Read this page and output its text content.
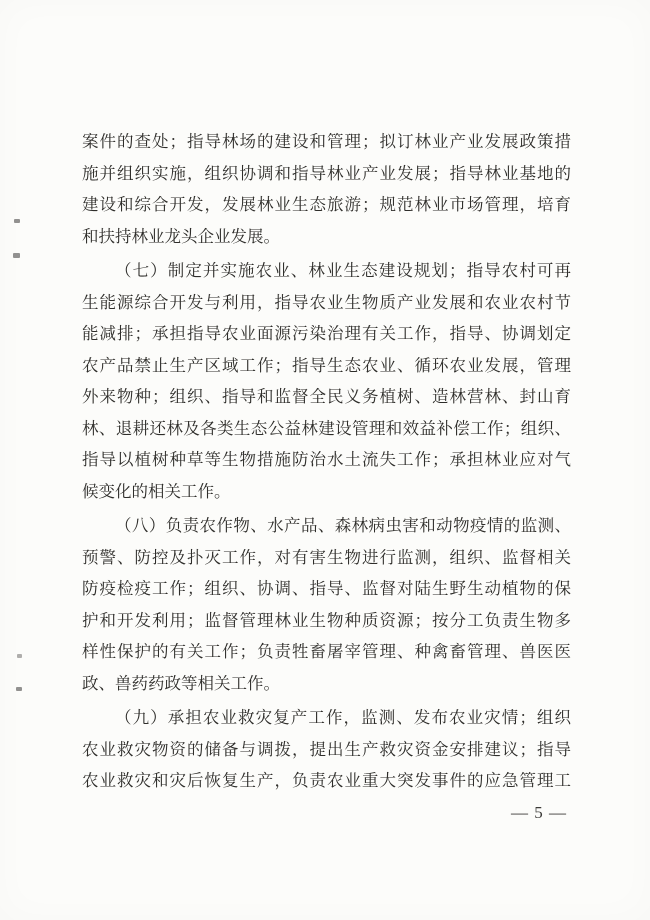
案件的查处；指导林场的建设和管理；拟订林业产业发展政策措
施并组织实施，组织协调和指导林业产业发展；指导林业基地的
建设和综合开发，发展林业生态旅游；规范林业市场管理，培育
和扶持林业龙头企业发展。
（七）制定并实施农业、林业生态建设规划；指导农村可再
生能源综合开发与利用，指导农业生物质产业发展和农业农村节
能减排；承担指导农业面源污染治理有关工作，指导、协调划定
农产品禁止生产区域工作；指导生态农业、循环农业发展，管理
外来物种；组织、指导和监督全民义务植树、造林营林、封山育
林、退耕还林及各类生态公益林建设管理和效益补偿工作；组织、
指导以植树种草等生物措施防治水土流失工作；承担林业应对气
候变化的相关工作。
（八）负责农作物、水产品、森林病虫害和动物疫情的监测、
预警、防控及扑灭工作，对有害生物进行监测，组织、监督相关
防疫检疫工作；组织、协调、指导、监督对陆生野生动植物的保
护和开发利用；监督管理林业生物种质资源；按分工负责生物多
样性保护的有关工作；负责牲畜屠宰管理、种禽畜管理、兽医医
政、兽药药政等相关工作。
（九）承担农业救灾复产工作，监测、发布农业灾情；组织
农业救灾物资的储备与调拨，提出生产救灾资金安排建议；指导
农业救灾和灾后恢复生产，负责农业重大突发事件的应急管理工
— 5 —
